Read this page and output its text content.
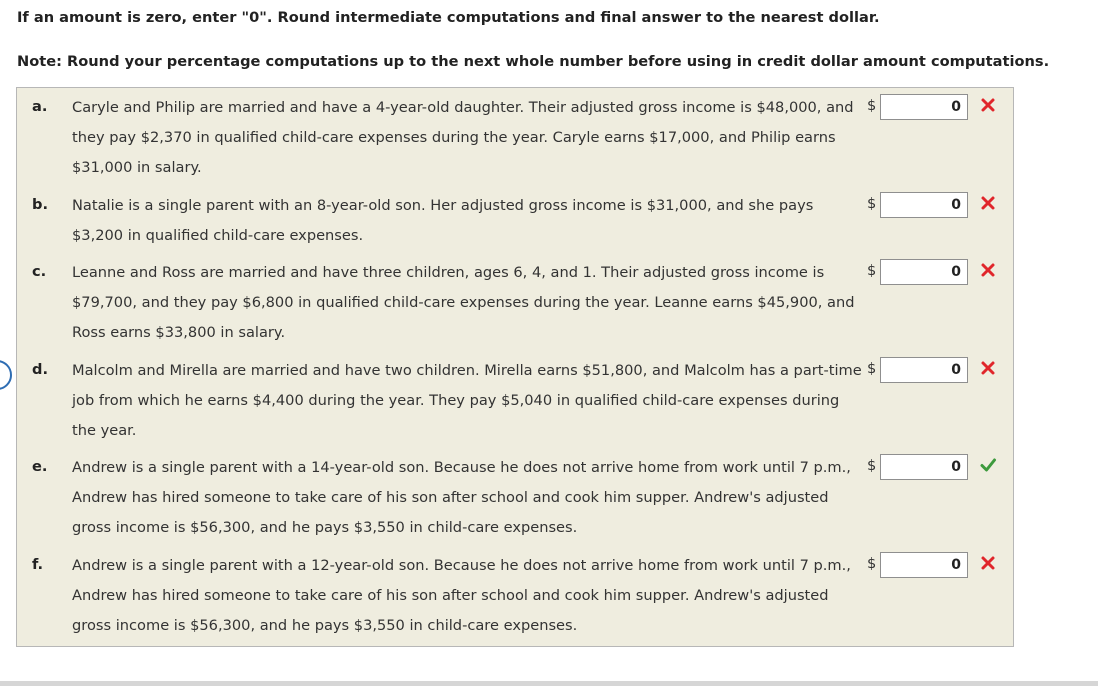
If an amount is zero, enter "0". Round intermediate computations and final answer to the nearest dollar.
Note: Round your percentage computations up to the next whole number before using in credit dollar amount computations.
a. Caryle and Philip are married and have a 4-year-old daughter. Their adjusted gross income is $48,000, and they pay $2,370 in qualified child-care expenses during the year. Caryle earns $17,000, and Philip earns $31,000 in salary.
$
0
b. Natalie is a single parent with an 8-year-old son. Her adjusted gross income is $31,000, and she pays $3,200 in qualified child-care expenses.
$
0
c. Leanne and Ross are married and have three children, ages 6, 4, and 1. Their adjusted gross income is $79,700, and they pay $6,800 in qualified child-care expenses during the year. Leanne earns $45,900, and Ross earns $33,800 in salary.
$
0
d. Malcolm and Mirella are married and have two children. Mirella earns $51,800, and Malcolm has a part-time job from which he earns $4,400 during the year. They pay $5,040 in qualified child-care expenses during the year.
$
0
e. Andrew is a single parent with a 14-year-old son. Because he does not arrive home from work until 7 p.m., Andrew has hired someone to take care of his son after school and cook him supper. Andrew's adjusted gross income is $56,300, and he pays $3,550 in child-care expenses.
$
0
f. Andrew is a single parent with a 12-year-old son. Because he does not arrive home from work until 7 p.m., Andrew has hired someone to take care of his son after school and cook him supper. Andrew's adjusted gross income is $56,300, and he pays $3,550 in child-care expenses.
$
0
